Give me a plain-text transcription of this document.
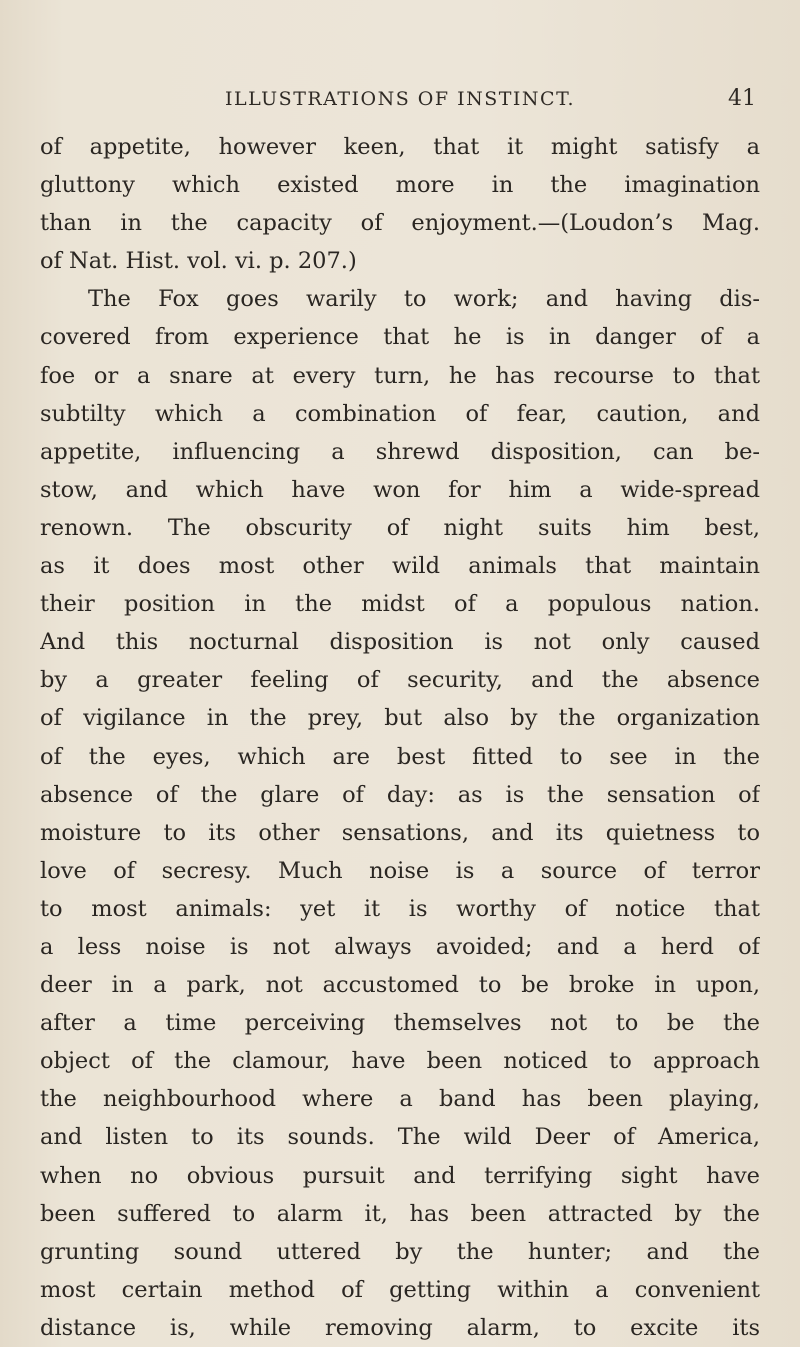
ILLUSTRATIONS OF INSTINCT.	41
of appetite, however keen, that it might satisfy a
gluttony which existed more in the imagination
than in the capacity of enjoyment.—(Loudon’s Mag.
of Nat. Hist. vol. vi. p. 207.)
The Fox goes warily to work; and having dis-
covered from experience that he is in danger of a
foe or a snare at every turn, he has recourse to that
subtilty which a combination of fear, caution, and
appetite, influencing a shrewd disposition, can be-
stow, and which have won for him a wide-spread
renown. The obscurity of night suits him best,
as it does most other wild animals that maintain
their position in the midst of a populous nation.
And this nocturnal disposition is not only caused
by a greater feeling of security, and the absence
of vigilance in the prey, but also by the organization
of the eyes, which are best fitted to see in the
absence of the glare of day: as is the sensation of
moisture to its other sensations, and its quietness to
love of secresy. Much noise is a source of terror
to most animals: yet it is worthy of notice that
a less noise is not always avoided; and a herd of
deer in a park, not accustomed to be broke in upon,
after a time perceiving themselves not to be the
object of the clamour, have been noticed to approach
the neighbourhood where a band has been playing,
and listen to its sounds. The wild Deer of America,
when no obvious pursuit and terrifying sight have
been suffered to alarm it, has been attracted by the
grunting sound uttered by the hunter; and the
most certain method of getting within a convenient
distance is, while removing alarm, to excite its
